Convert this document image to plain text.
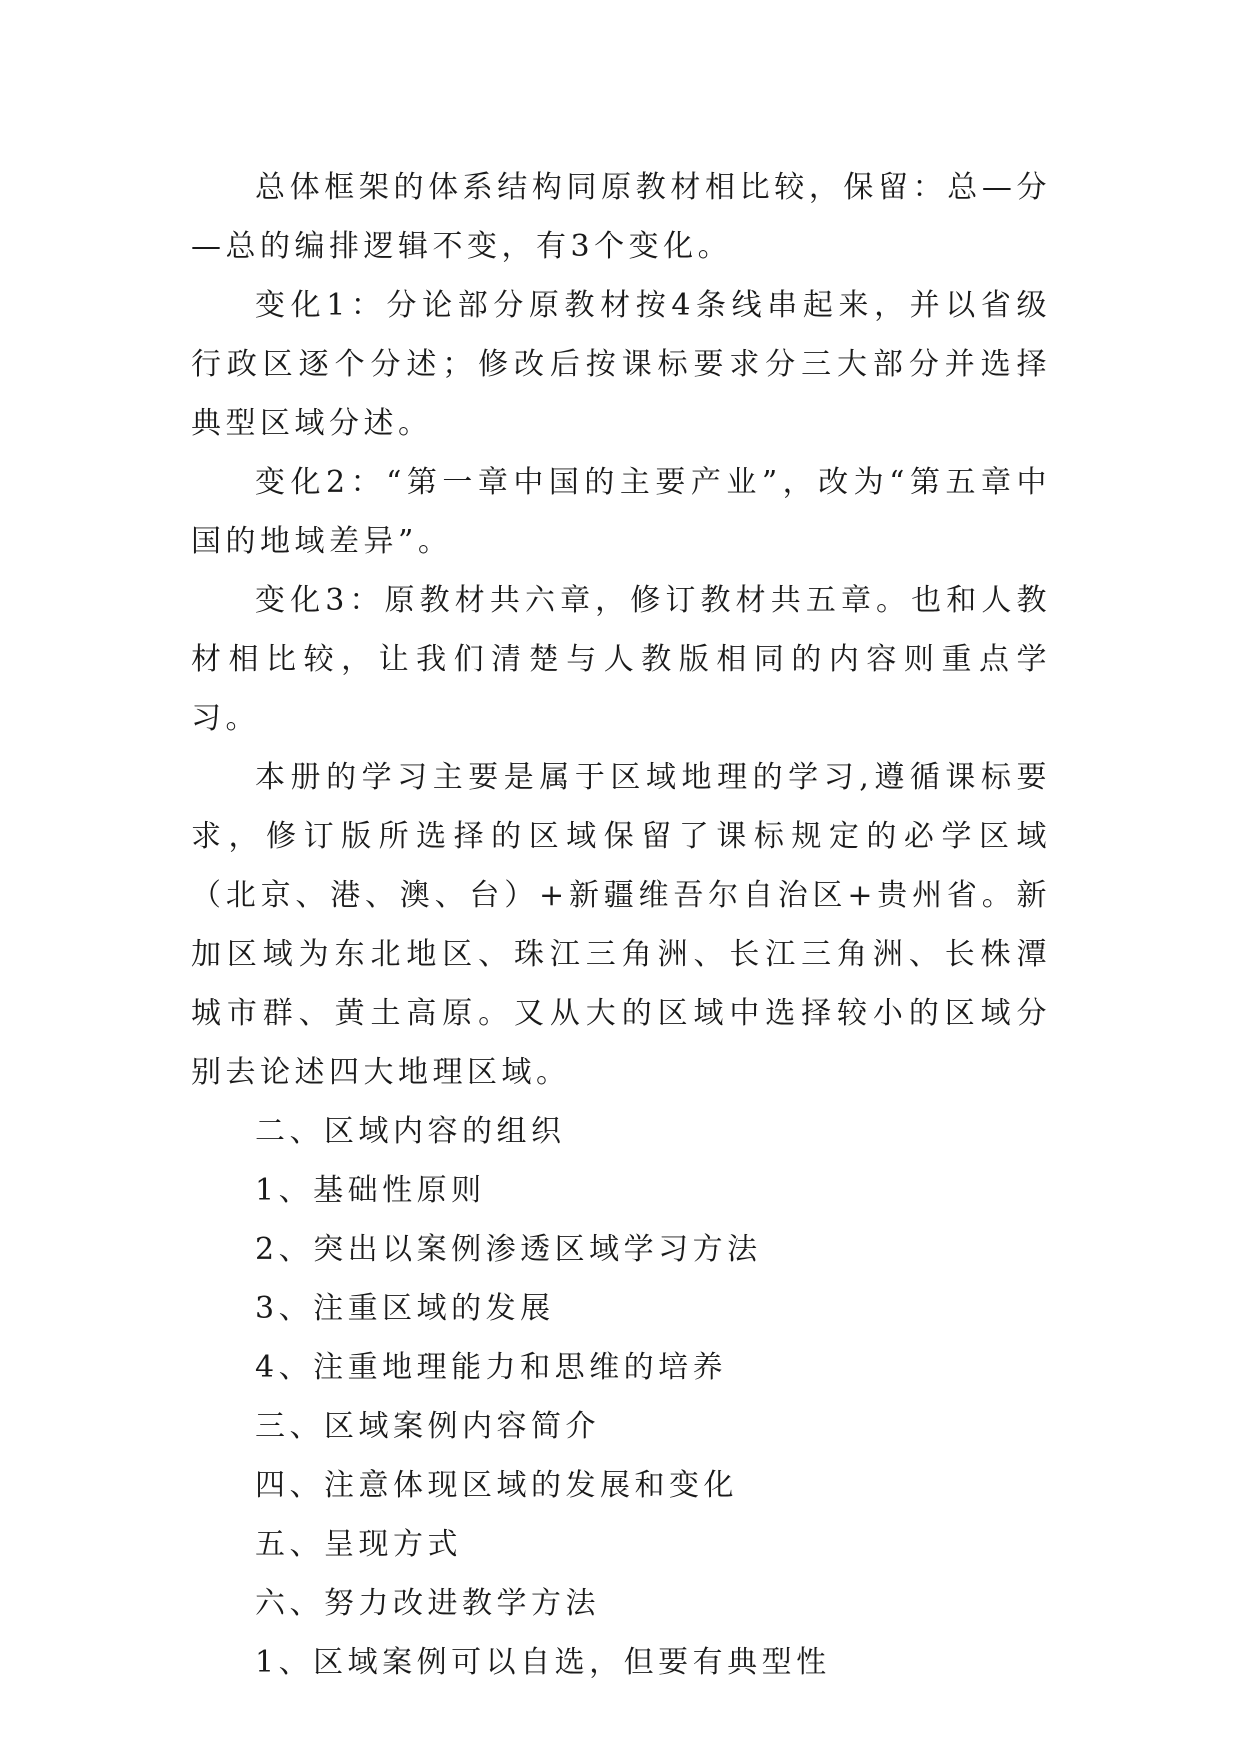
总体框架的体系结构同原教材相比较，保留：总—分—总的编排逻辑不变，有3个变化。

变化1：分论部分原教材按4条线串起来，并以省级行政区逐个分述；修改后按课标要求分三大部分并选择典型区域分述。

变化2：“第一章中国的主要产业”，改为“第五章中国的地域差异”。

变化3：原教材共六章，修订教材共五章。也和人教材相比较，让我们清楚与人教版相同的内容则重点学习。

本册的学习主要是属于区域地理的学习,遵循课标要求，修订版所选择的区域保留了课标规定的必学区域（北京、港、澳、台）+新疆维吾尔自治区+贵州省。新加区域为东北地区、珠江三角洲、长江三角洲、长株潭城市群、黄土高原。又从大的区域中选择较小的区域分别去论述四大地理区域。

二、区域内容的组织

1、基础性原则

2、突出以案例渗透区域学习方法

3、注重区域的发展

4、注重地理能力和思维的培养

三、区域案例内容简介

四、注意体现区域的发展和变化

五、呈现方式

六、努力改进教学方法

1、区域案例可以自选，但要有典型性
